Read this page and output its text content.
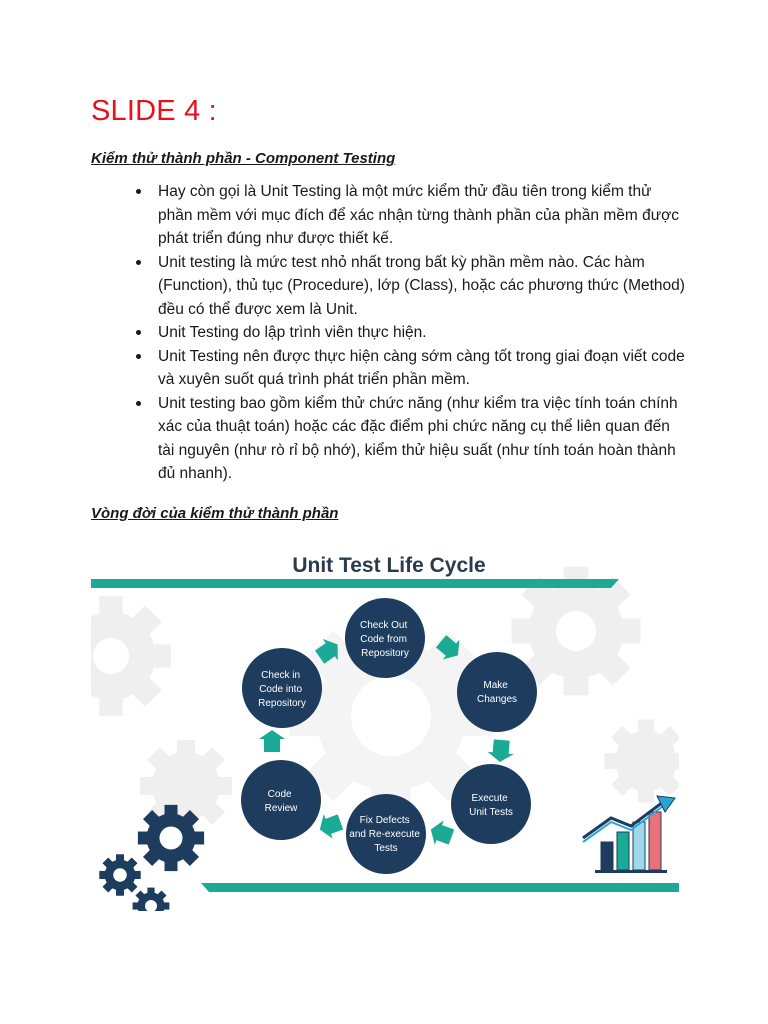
SLIDE 4 :

Kiểm thử thành phần - Component Testing

Hay còn gọi là Unit Testing là một mức kiểm thử đầu tiên trong kiểm thử phần mềm với mục đích để xác nhận từng thành phần của phần mềm được phát triển đúng như được thiết kế.
Unit testing là mức test nhỏ nhất trong bất kỳ phần mềm nào. Các hàm (Function), thủ tục (Procedure), lớp (Class), hoặc các phương thức (Method) đều có thể được xem là Unit.
Unit Testing do lập trình viên thực hiện.
Unit Testing nên được thực hiện càng sớm càng tốt trong giai đoạn viết code và xuyên suốt quá trình phát triển phần mềm.
Unit testing bao gồm kiểm thử chức năng (như kiểm tra việc tính toán chính xác của thuật toán) hoặc các đặc điểm phi chức năng cụ thể liên quan đến tài nguyên (như rò rỉ bộ nhớ), kiểm thử hiệu suất (như tính toán hoàn thành đủ nhanh).

Vòng đời của kiểm thử thành phần

Unit Test Life Cycle
Check Out Code from Repository
Make Changes
Execute Unit Tests
Fix Defects and Re-execute Tests
Code Review
Check in Code into Repository
